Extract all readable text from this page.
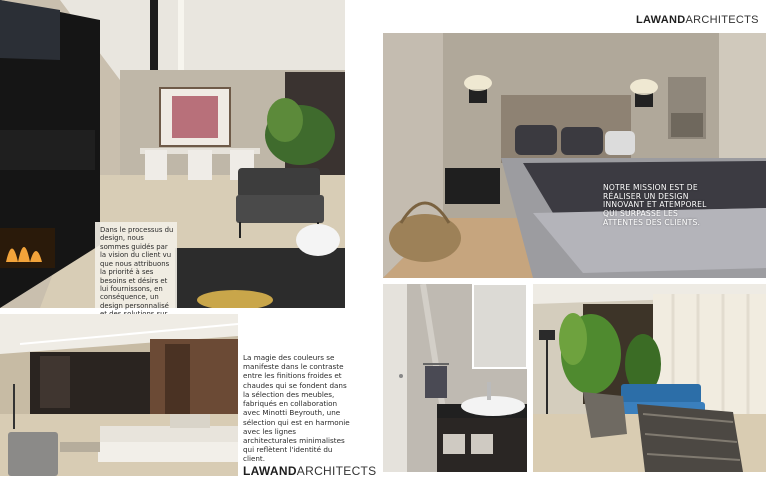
Dans le processus du design, nous sommes guidés par la vision du client vu que nous attribuons la priorité à ses besoins et désirs et lui fournissons, en conséquence, un design personnalisé
La magie des couleurs se manifeste dans le contraste entre les finitions froides et chaudes qui se fondent dans la sélection des meubles, fabriqués en collaboration avec Minotti Beyrouth, une sélection qui est en harmonie avec les lignes architecturales minimalistes qui reflètent l'identité du client.
LAWANDARCHITECTS
LAWANDARCHITECTS
NOTRE MISSION EST DE RÉALISER UN DESIGN INNOVANT ET ATEMPOREL QUI SURPASSE LES ATTENTES DES CLIENTS.
